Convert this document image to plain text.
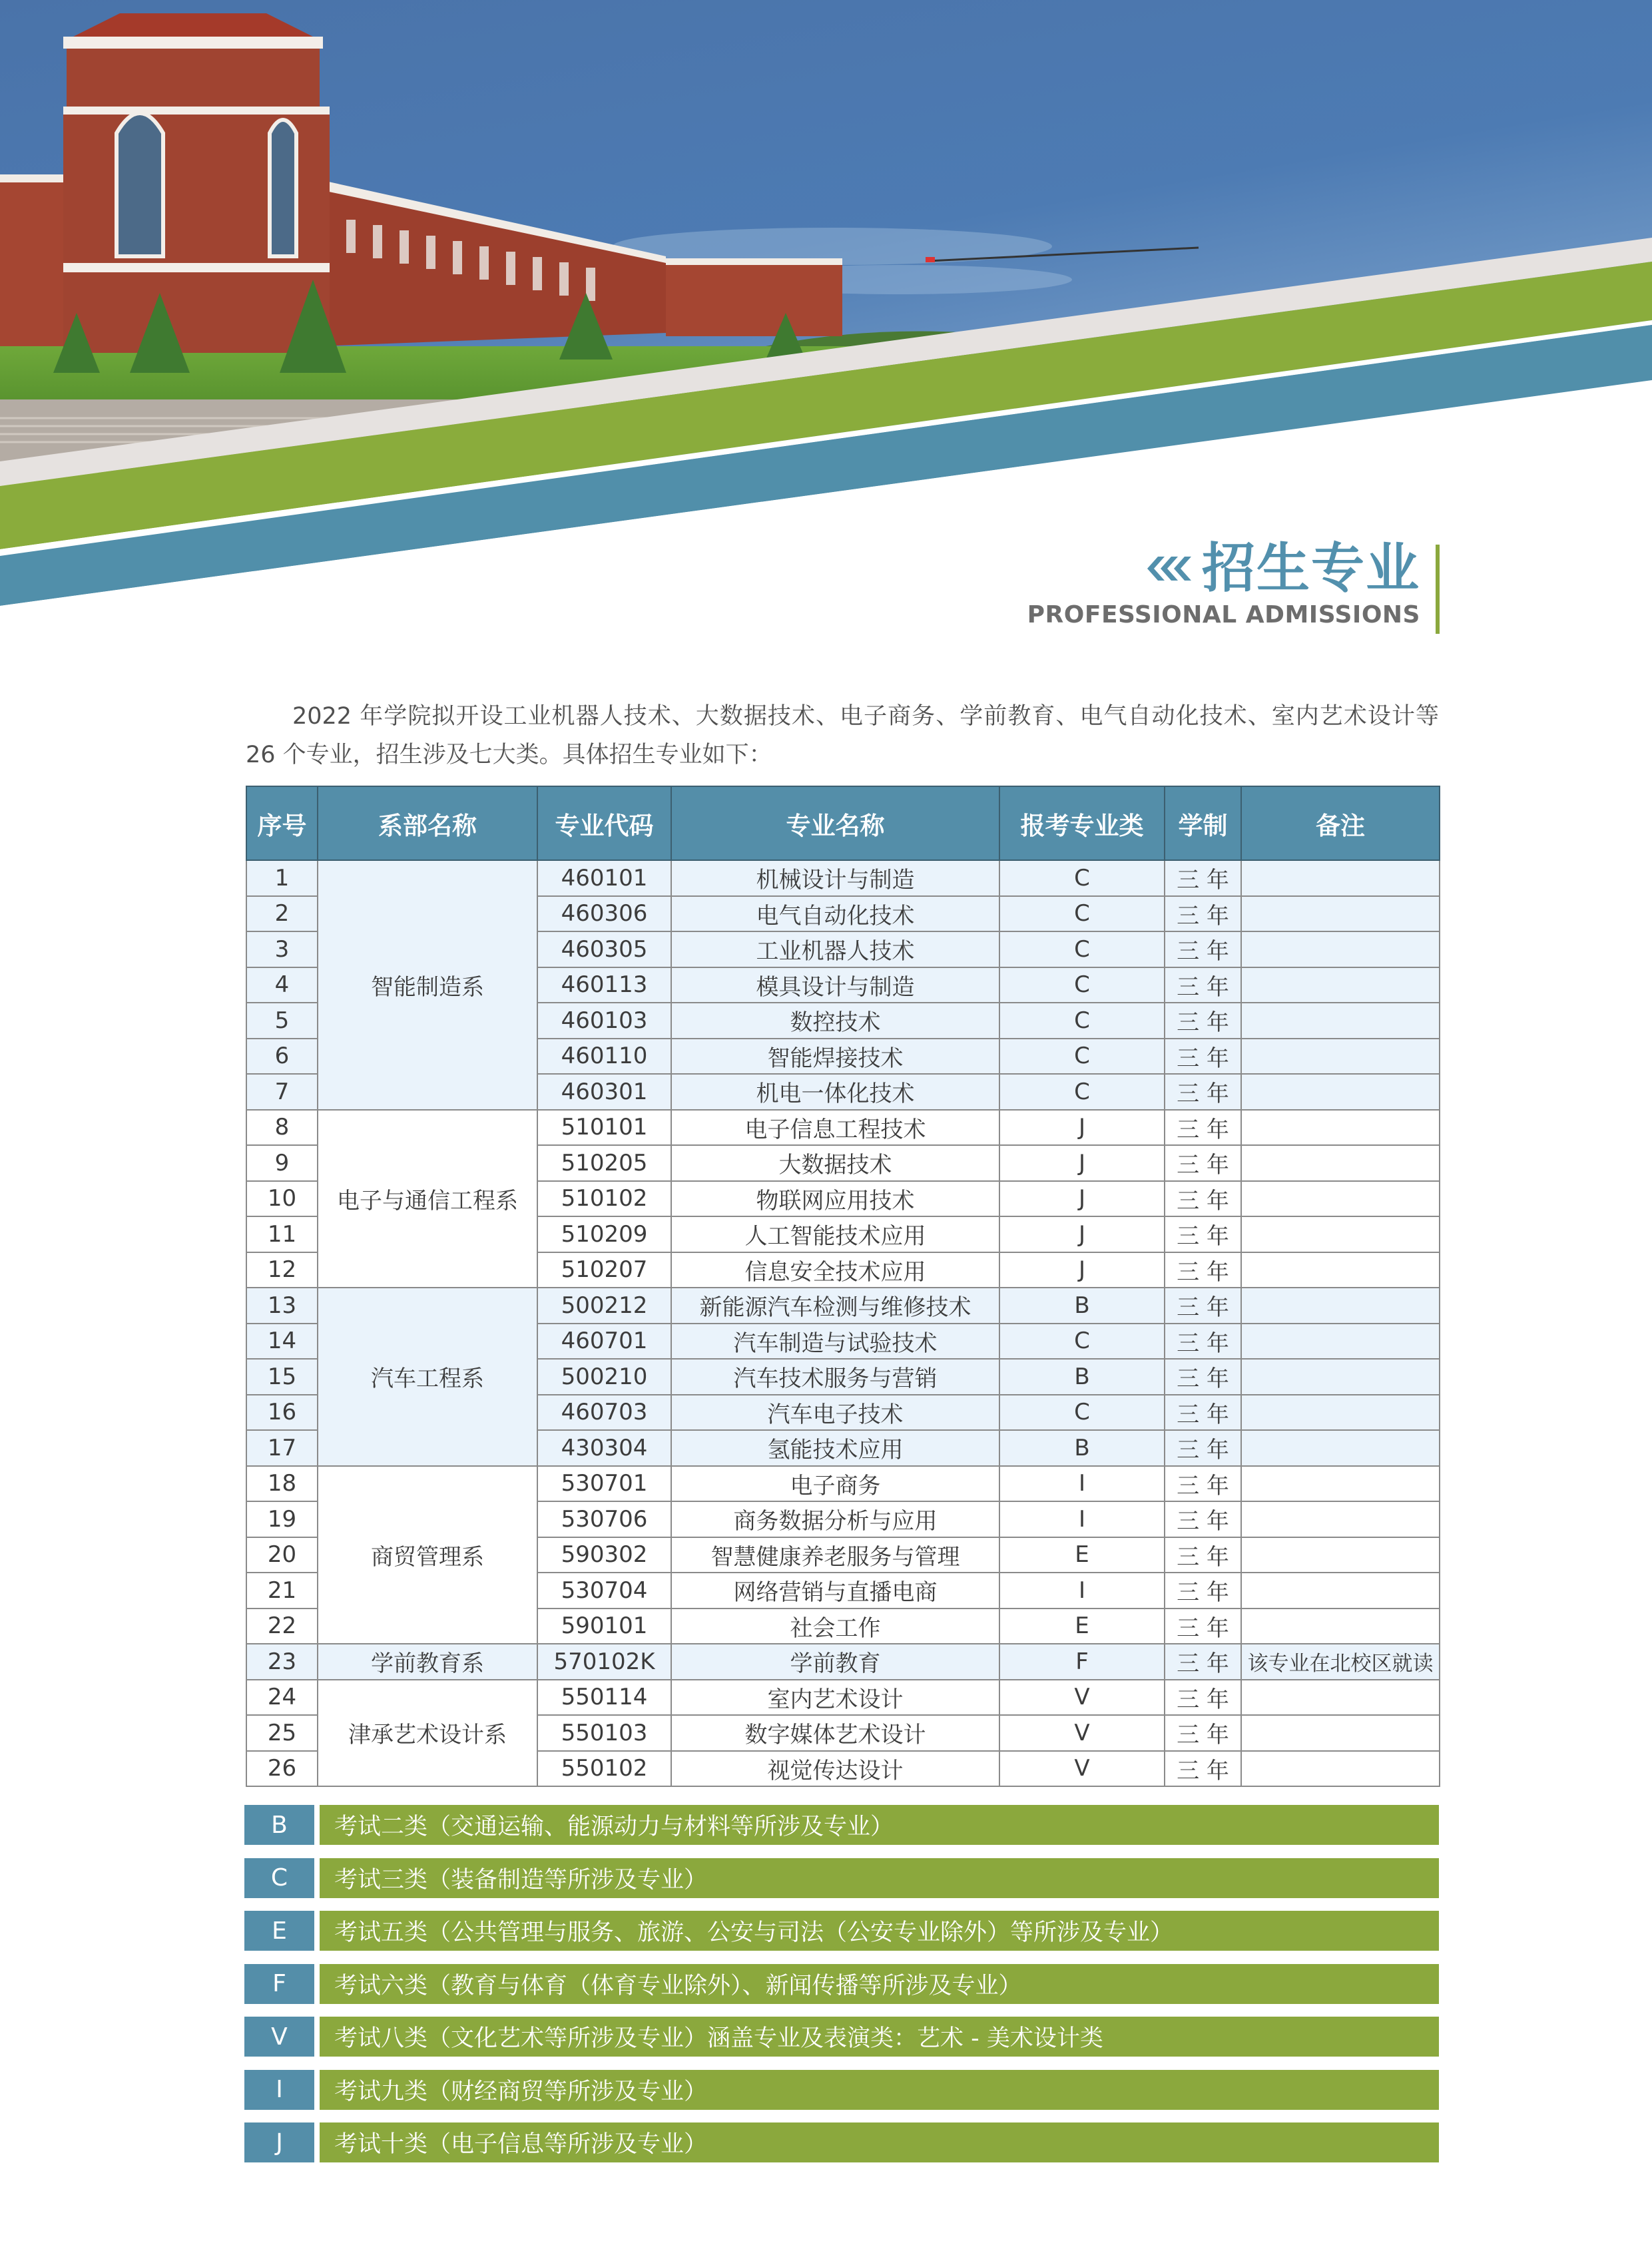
招生专业
PROFESSIONAL ADMISSIONS

2022 年学院拟开设工业机器人技术、大数据技术、电子商务、学前教育、电气自动化技术、室内艺术设计等 26 个专业，招生涉及七大类。具体招生专业如下：

序号	系部名称	专业代码	专业名称	报考专业类	学制	备注
1	智能制造系	460101	机械设计与制造	C	三 年	
2		460306	电气自动化技术	C	三 年	
3		460305	工业机器人技术	C	三 年	
4		460113	模具设计与制造	C	三 年	
5		460103	数控技术	C	三 年	
6		460110	智能焊接技术	C	三 年	
7		460301	机电一体化技术	C	三 年	
8	电子与通信工程系	510101	电子信息工程技术	J	三 年	
9		510205	大数据技术	J	三 年	
10		510102	物联网应用技术	J	三 年	
11		510209	人工智能技术应用	J	三 年	
12		510207	信息安全技术应用	J	三 年	
13	汽车工程系	500212	新能源汽车检测与维修技术	B	三 年	
14		460701	汽车制造与试验技术	C	三 年	
15		500210	汽车技术服务与营销	B	三 年	
16		460703	汽车电子技术	C	三 年	
17		430304	氢能技术应用	B	三 年	
18	商贸管理系	530701	电子商务	I	三 年	
19		530706	商务数据分析与应用	I	三 年	
20		590302	智慧健康养老服务与管理	E	三 年	
21		530704	网络营销与直播电商	I	三 年	
22		590101	社会工作	E	三 年	
23	学前教育系	570102K	学前教育	F	三 年	该专业在北校区就读
24	津承艺术设计系	550114	室内艺术设计	V	三 年	
25		550103	数字媒体艺术设计	V	三 年	
26		550102	视觉传达设计	V	三 年	
B	考试二类（交通运输、能源动力与材料等所涉及专业）
C	考试三类（装备制造等所涉及专业）
E	考试五类（公共管理与服务、旅游、公安与司法（公安专业除外）等所涉及专业）
F	考试六类（教育与体育（体育专业除外）、新闻传播等所涉及专业）
V	考试八类（文化艺术等所涉及专业）涵盖专业及表演类：艺术 - 美术设计类
I	考试九类（财经商贸等所涉及专业）
J	考试十类（电子信息等所涉及专业）
